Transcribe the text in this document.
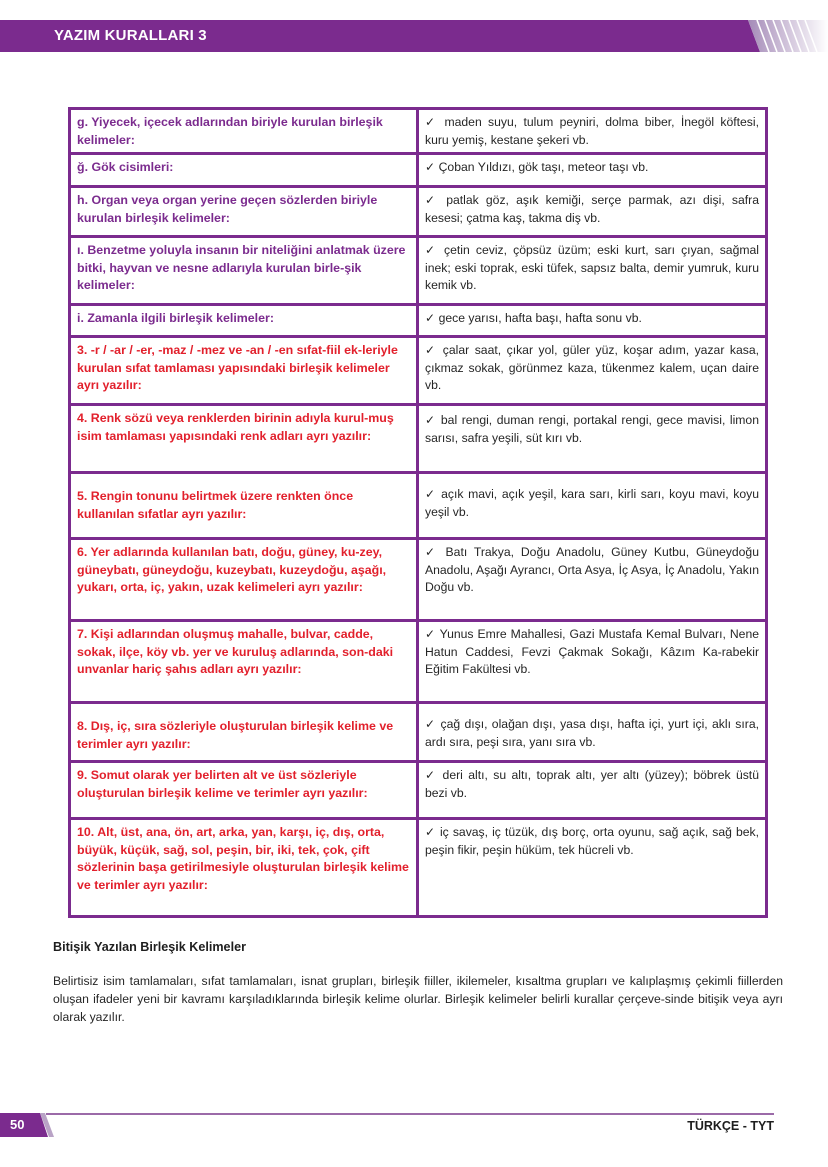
YAZIM KURALLARI 3
g. Yiyecek, içecek adlarından biriyle kurulan birleşik kelimeler:
✓ maden suyu, tulum peyniri, dolma biber, İnegöl köftesi, kuru yemiş, kestane şekeri vb.
ğ. Gök cisimleri:	✓ Çoban Yıldızı, gök taşı, meteor taşı vb.
h. Organ veya organ yerine geçen sözlerden biriyle kurulan birleşik kelimeler:
✓ patlak göz, aşık kemiği, serçe parmak, azı dişi, safra kesesi; çatma kaş, takma diş vb.
ı. Benzetme yoluyla insanın bir niteliğini anlatmak üzere bitki, hayvan ve nesne adlarıyla kurulan birle-şik kelimeler:
✓ çetin ceviz, çöpsüz üzüm; eski kurt, sarı çıyan, sağmal inek; eski toprak, eski tüfek, sapsız balta, demir yumruk, kuru kemik vb.
i. Zamanla ilgili birleşik kelimeler:	✓ gece yarısı, hafta başı, hafta sonu vb.
3. -r / -ar / -er, -maz / -mez ve -an / -en sıfat-fiil ek-leriyle kurulan sıfat tamlaması yapısındaki birleşik kelimeler ayrı yazılır:
✓ çalar saat, çıkar yol, güler yüz, koşar adım, yazar kasa, çıkmaz sokak, görünmez kaza, tükenmez kalem, uçan daire vb.
4. Renk sözü veya renklerden birinin adıyla kurul-muş isim tamlaması yapısındaki renk adları ayrı yazılır:
✓ bal rengi, duman rengi, portakal rengi, gece mavisi, limon sarısı, safra yeşili, süt kırı vb.
5. Rengin tonunu belirtmek üzere renkten önce kullanılan sıfatlar ayrı yazılır:
✓ açık mavi, açık yeşil, kara sarı, kirli sarı, koyu mavi, koyu yeşil vb.
6. Yer adlarında kullanılan batı, doğu, güney, ku-zey, güneybatı, güneydoğu, kuzeybatı, kuzeydoğu, aşağı, yukarı, orta, iç, yakın, uzak kelimeleri ayrı yazılır:
✓ Batı Trakya, Doğu Anadolu, Güney Kutbu, Güneydoğu Anadolu, Aşağı Ayrancı, Orta Asya, İç Asya, İç Anadolu, Yakın Doğu vb.
7. Kişi adlarından oluşmuş mahalle, bulvar, cadde, sokak, ilçe, köy vb. yer ve kuruluş adlarında, son-daki unvanlar hariç şahıs adları ayrı yazılır:
✓ Yunus Emre Mahallesi, Gazi Mustafa Kemal Bulvarı, Nene Hatun Caddesi, Fevzi Çakmak Sokağı, Kâzım Ka-rabekir Eğitim Fakültesi vb.
8. Dış, iç, sıra sözleriyle oluşturulan birleşik kelime ve terimler ayrı yazılır:
✓ çağ dışı, olağan dışı, yasa dışı, hafta içi, yurt içi, aklı sıra, ardı sıra, peşi sıra, yanı sıra vb.
9. Somut olarak yer belirten alt ve üst sözleriyle oluşturulan birleşik kelime ve terimler ayrı yazılır:
✓ deri altı, su altı, toprak altı, yer altı (yüzey); böbrek üstü bezi vb.
10. Alt, üst, ana, ön, art, arka, yan, karşı, iç, dış, orta, büyük, küçük, sağ, sol, peşin, bir, iki, tek, çok, çift sözlerinin başa getirilmesiyle oluşturulan birleşik kelime ve terimler ayrı yazılır:
✓ iç savaş, iç tüzük, dış borç, orta oyunu, sağ açık, sağ bek, peşin fikir, peşin hüküm, tek hücreli vb.
Bitişik Yazılan Birleşik Kelimeler
Belirtisiz isim tamlamaları, sıfat tamlamaları, isnat grupları, birleşik fiiller, ikilemeler, kısaltma grupları ve kalıplaşmış çekimli fiillerden oluşan ifadeler yeni bir kavramı karşıladıklarında birleşik kelime olurlar. Birleşik kelimeler belirli kurallar çerçeve-sinde bitişik veya ayrı olarak yazılır.
50	TÜRKÇE - TYT
